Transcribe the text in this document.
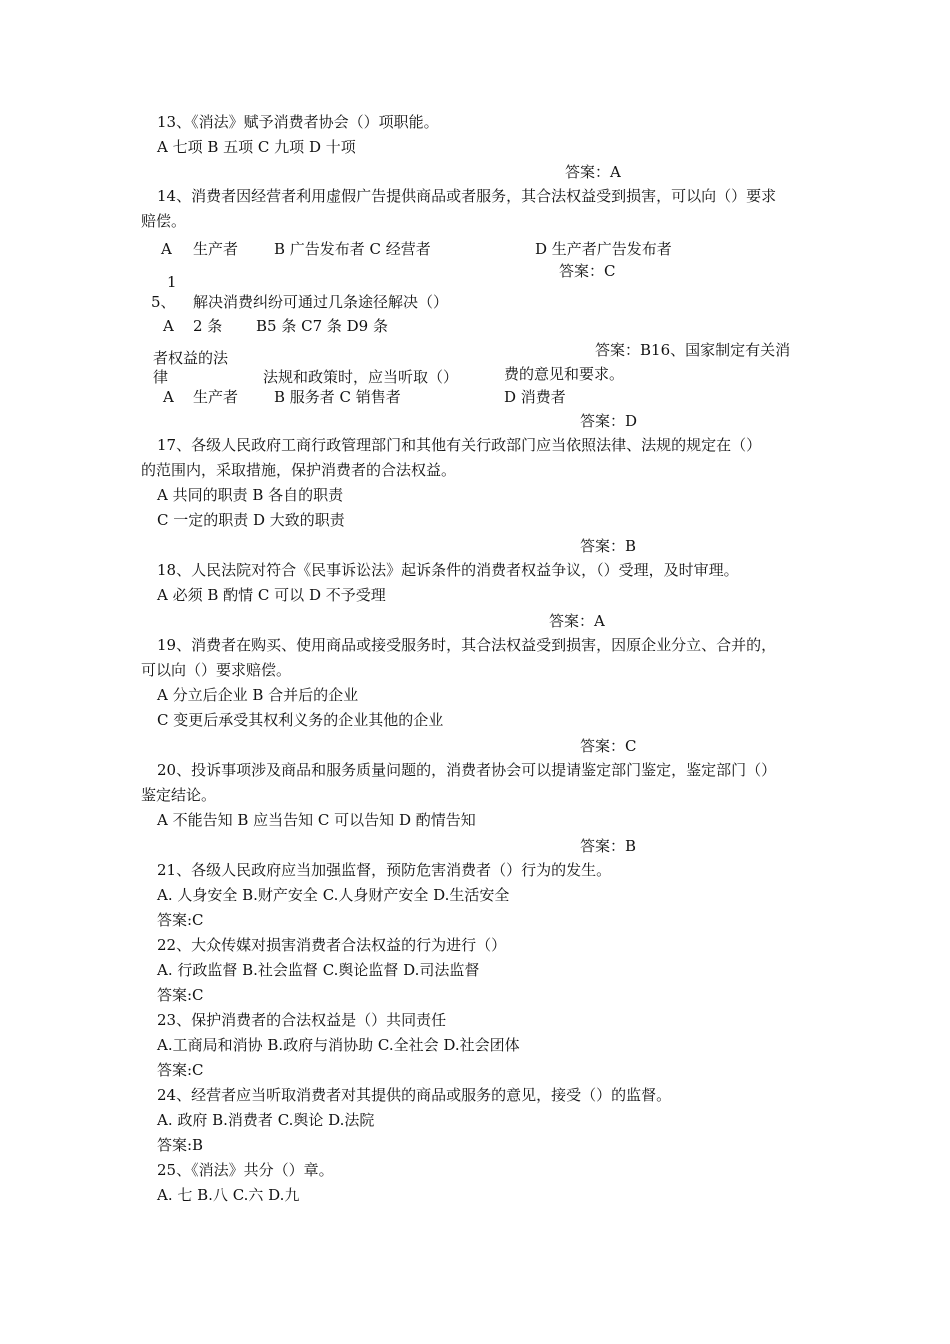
13、《消法》赋予消费者协会（）项职能。
A 七项 B 五项 C 九项 D 十项
答案：A
14、消费者因经营者利用虚假广告提供商品或者服务，其合法权益受到损害，可以向（）要求
赔偿。
A 生产者 B 广告发布者 C 经营者	D 生产者广告发布者
答案：C
1
5、 解决消费纠纷可通过几条途径解决（）
A 2 条 B5 条 C7 条 D9 条
答案：B16、国家制定有关消
者权益的法
律	法规和政策时，应当听取（）	费的意见和要求。
A 生产者 B 服务者 C 销售者	D 消费者
答案：D
17、各级人民政府工商行政管理部门和其他有关行政部门应当依照法律、法规的规定在（）
的范围内，采取措施，保护消费者的合法权益。
A 共同的职责 B 各自的职责
C 一定的职责 D 大致的职责
答案：B
18、人民法院对符合《民事诉讼法》起诉条件的消费者权益争议，（）受理，及时审理。
A 必须 B 酌情 C 可以 D 不予受理
答案：A
19、消费者在购买、使用商品或接受服务时，其合法权益受到损害，因原企业分立、合并的，
可以向（）要求赔偿。
A 分立后企业 B 合并后的企业
C 变更后承受其权利义务的企业其他的企业
答案：C
20、投诉事项涉及商品和服务质量问题的，消费者协会可以提请鉴定部门鉴定，鉴定部门（）
鉴定结论。
A 不能告知 B 应当告知 C 可以告知 D 酌情告知
答案：B
21、各级人民政府应当加强监督，预防危害消费者（）行为的发生。
A. 人身安全 B.财产安全 C.人身财产安全 D.生活安全
答案:C
22、大众传媒对损害消费者合法权益的行为进行（）
A. 行政监督 B.社会监督 C.舆论监督 D.司法监督
答案:C
23、保护消费者的合法权益是（）共同责任
A.工商局和消协 B.政府与消协助 C.全社会 D.社会团体
答案:C
24、经营者应当听取消费者对其提供的商品或服务的意见，接受（）的监督。
A. 政府 B.消费者 C.舆论 D.法院
答案:B
25、《消法》共分（）章。
A. 七 B.八 C.六 D.九
